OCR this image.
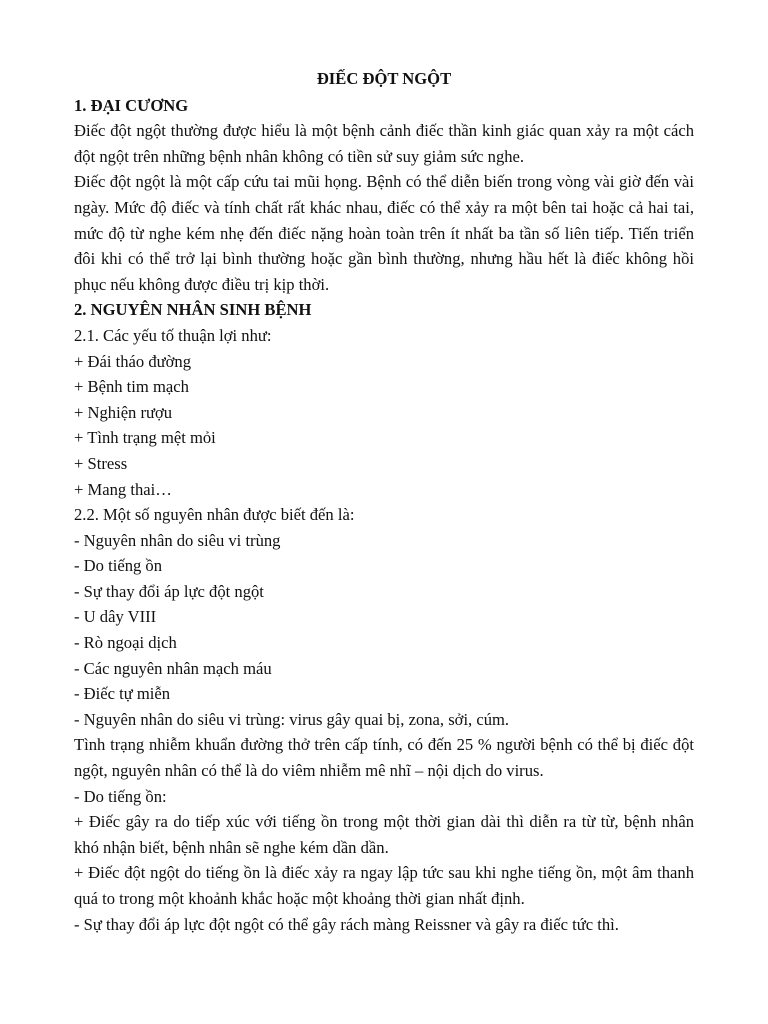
ĐIẾC ĐỘT NGỘT

1. ĐẠI CƯƠNG

Điếc đột ngột thường được hiểu là một bệnh cảnh điếc thần kinh giác quan xảy ra một cách đột ngột trên những bệnh nhân không có tiền sử suy giảm sức nghe.

Điếc đột ngột là một cấp cứu tai mũi họng. Bệnh có thể diễn biến trong vòng vài giờ đến vài ngày. Mức độ điếc và tính chất rất khác nhau, điếc có thể xảy ra một bên tai hoặc cả hai tai, mức độ từ nghe kém nhẹ đến điếc nặng hoàn toàn trên ít nhất ba tần số liên tiếp. Tiến triển đôi khi có thể trở lại bình thường hoặc gần bình thường, nhưng hầu hết là điếc không hồi phục nếu không được điều trị kịp thời.

2. NGUYÊN NHÂN SINH BỆNH

2.1. Các yếu tố thuận lợi như:

+ Đái tháo đường

+ Bệnh tim mạch

+ Nghiện rượu

+ Tình trạng mệt mỏi

+ Stress

+ Mang thai…

2.2. Một số nguyên nhân được biết đến là:

- Nguyên nhân do siêu vi trùng

- Do tiếng ồn

- Sự thay đổi áp lực đột ngột

- U dây VIII

- Rò ngoại dịch

- Các nguyên nhân mạch máu

- Điếc tự miễn

- Nguyên nhân do siêu vi trùng: virus gây quai bị, zona, sởi, cúm.

Tình trạng nhiễm khuẩn đường thở trên cấp tính, có đến 25 % người bệnh có thể bị điếc đột ngột, nguyên nhân có thể là do viêm nhiễm mê nhĩ – nội dịch do virus.

- Do tiếng ồn:

+ Điếc gây ra do tiếp xúc với tiếng ồn trong một thời gian dài thì diễn ra từ từ, bệnh nhân khó nhận biết, bệnh nhân sẽ nghe kém dần dần.

+ Điếc đột ngột do tiếng ồn là điếc xảy ra ngay lập tức sau khi nghe tiếng ồn, một âm thanh quá to trong một khoảnh khắc hoặc một khoảng thời gian nhất định.

- Sự thay đổi áp lực đột ngột có thể gây rách màng Reissner và gây ra điếc tức thì.
